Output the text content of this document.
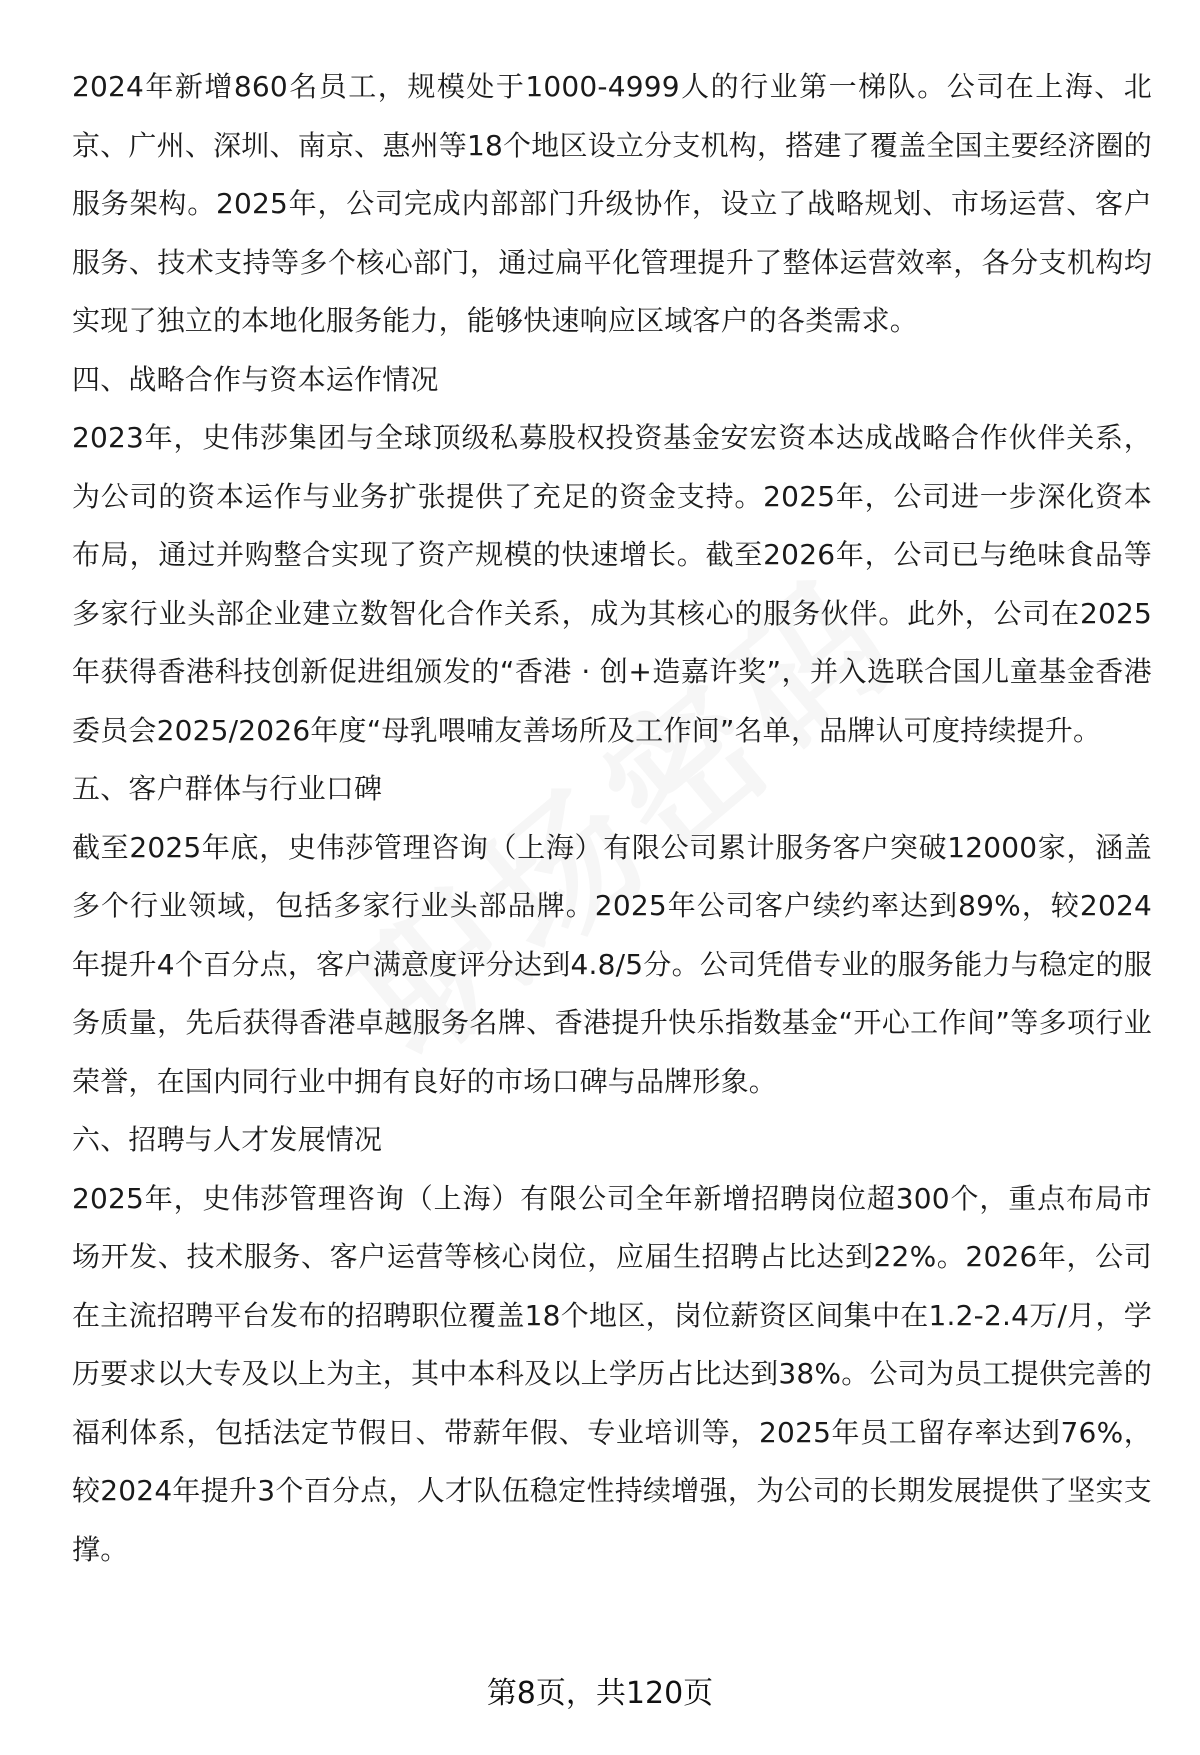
2024年新增860名员工，规模处于1000-4999人的行业第一梯队。公司在上海、北京、广州、深圳、南京、惠州等18个地区设立分支机构，搭建了覆盖全国主要经济圈的服务架构。2025年，公司完成内部部门升级协作，设立了战略规划、市场运营、客户服务、技术支持等多个核心部门，通过扁平化管理提升了整体运营效率，各分支机构均实现了独立的本地化服务能力，能够快速响应区域客户的各类需求。

四、战略合作与资本运作情况

2023年，史伟莎集团与全球顶级私募股权投资基金安宏资本达成战略合作伙伴关系，为公司的资本运作与业务扩张提供了充足的资金支持。2025年，公司进一步深化资本布局，通过并购整合实现了资产规模的快速增长。截至2026年，公司已与绝味食品等多家行业头部企业建立数智化合作关系，成为其核心的服务伙伴。此外，公司在2025年获得香港科技创新促进组颁发的“香港 · 创+造嘉许奖”，并入选联合国儿童基金香港委员会2025/2026年度“母乳喂哺友善场所及工作间”名单，品牌认可度持续提升。

五、客户群体与行业口碑

截至2025年底，史伟莎管理咨询（上海）有限公司累计服务客户突破12000家，涵盖多个行业领域，包括多家行业头部品牌。2025年公司客户续约率达到89%，较2024年提升4个百分点，客户满意度评分达到4.8/5分。公司凭借专业的服务能力与稳定的服务质量，先后获得香港卓越服务名牌、香港提升快乐指数基金“开心工作间”等多项行业荣誉，在国内同行业中拥有良好的市场口碑与品牌形象。

六、招聘与人才发展情况

2025年，史伟莎管理咨询（上海）有限公司全年新增招聘岗位超300个，重点布局市场开发、技术服务、客户运营等核心岗位，应届生招聘占比达到22%。2026年，公司在主流招聘平台发布的招聘职位覆盖18个地区，岗位薪资区间集中在1.2-2.4万/月，学历要求以大专及以上为主，其中本科及以上学历占比达到38%。公司为员工提供完善的福利体系，包括法定节假日、带薪年假、专业培训等，2025年员工留存率达到76%，较2024年提升3个百分点，人才队伍稳定性持续增强，为公司的长期发展提供了坚实支撑。

第8页，共120页
